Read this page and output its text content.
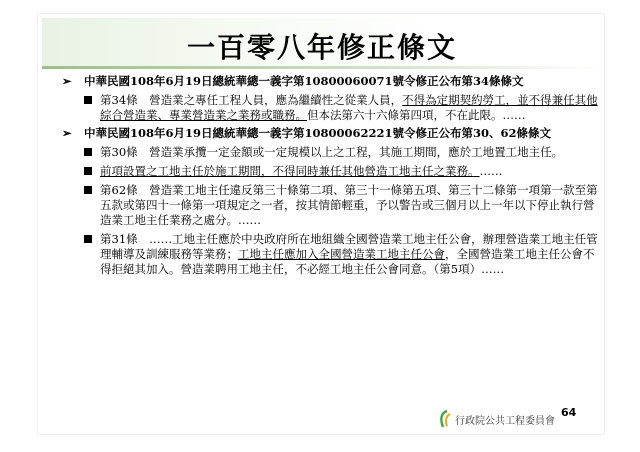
一百零八年修正條文
➢ 中華民國108年6月19日總統華總一義字第10800060071號令修正公布第34條條文
第34條　營造業之專任工程人員，應為繼續性之從業人員，不得為定期契約勞工，並不得兼任其他綜合營造業、專業營造業之業務或職務。但本法第六十六條第四項，不在此限。……
➢ 中華民國108年6月19日總統華總一義字第10800062221號令修正公布第30、62條條文
第30條　營造業承攬一定金額或一定規模以上之工程，其施工期間，應於工地置工地主任。
前項設置之工地主任於施工期間，不得同時兼任其他營造工地主任之業務。……
第62條　營造業工地主任違反第三十條第二項、第三十一條第五項、第三十二條第一項第一款至第五款或第四十一條第一項規定之一者，按其情節輕重，予以警告或三個月以上一年以下停止執行營造業工地主任業務之處分。……
第31條　……工地主任應於中央政府所在地組織全國營造業工地主任公會，辦理營造業工地主任管理輔導及訓練服務等業務；工地主任應加入全國營造業工地主任公會，全國營造業工地主任公會不得拒絕其加入。營造業聘用工地主任，不必經工地主任公會同意。（第5項）……
64
行政院公共工程委員會
